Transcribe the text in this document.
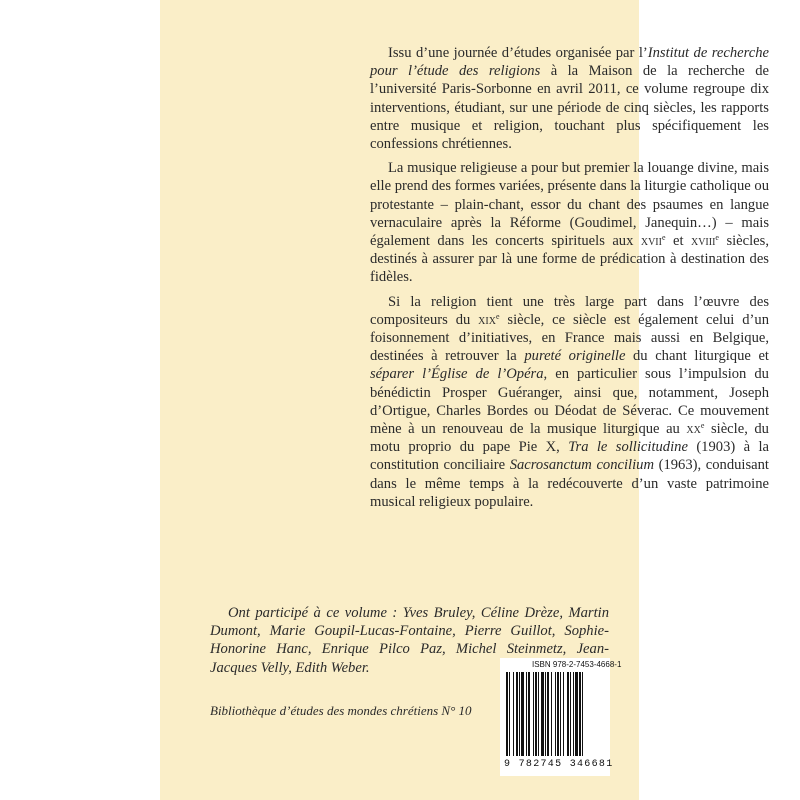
Issu d’une journée d’études organisée par l’Institut de recherche pour l’étude des religions à la Maison de la recherche de l’université Paris-Sorbonne en avril 2011, ce volume regroupe dix interventions, étudiant, sur une période de cinq siècles, les rapports entre musique et religion, touchant plus spécifiquement les confessions chrétiennes.

La musique religieuse a pour but premier la louange divine, mais elle prend des formes variées, présente dans la liturgie catholique ou protestante – plain-chant, essor du chant des psaumes en langue vernaculaire après la Réforme (Goudimel, Janequin…) – mais également dans les concerts spirituels aux xvii$^e$ et xviii$^e$ siècles, destinés à assurer par là une forme de prédication à destination des fidèles.

Si la religion tient une très large part dans l’œuvre des compositeurs du xix$^e$ siècle, ce siècle est également celui d’un foisonnement d’initiatives, en France mais aussi en Belgique, destinées à retrouver la pureté originelle du chant liturgique et séparer l’Église de l’Opéra, en particulier sous l’impulsion du bénédictin Prosper Guéranger, ainsi que, notamment, Joseph d’Ortigue, Charles Bordes ou Déodat de Séverac. Ce mouvement mène à un renouveau de la musique liturgique au $xx^e$ siècle, du motu proprio du pape Pie X, Tra le sollicitudine (1903) à la constitution conciliaire Sacrosanctum concilium (1963), conduisant dans le même temps à la redécouverte d’un vaste patrimoine musical religieux populaire.

Ont participé à ce volume : Yves Bruley, Céline Drèze, Martin Dumont, Marie Goupil-Lucas-Fontaine, Pierre Guillot, Sophie-Honorine Hanc, Enrique Pilco Paz, Michel Steinmetz, Jean-Jacques Velly, Edith Weber.	ISBN 978-2-7453-4668-1
9 782745 346681
Bibliothèque d’études des mondes chrétiens N° 10
